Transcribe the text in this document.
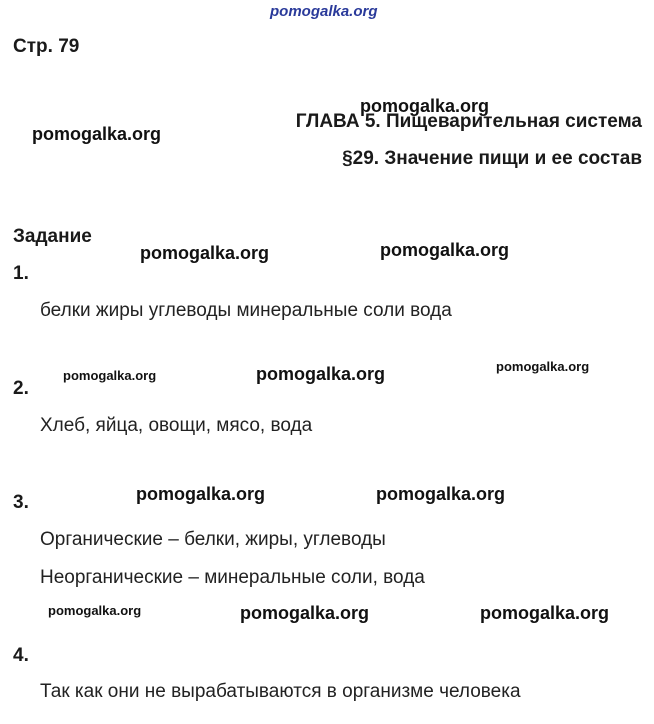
Стр. 79
ГЛАВА 5. Пищеварительная система
§29. Значение пищи и ее состав
Задание
1.
белки жиры углеводы минеральные соли вода
2.
Хлеб, яйца, овощи, мясо, вода
3.
Органические – белки, жиры, углеводы
Неорганические – минеральные соли, вода
4.
Так как они не вырабатываются в организме человека
pomogalka.org
pomogalka.org
pomogalka.org
pomogalka.org	pomogalka.org
pomogalka.org	pomogalka.org	pomogalka.org
pomogalka.org	pomogalka.org
pomogalka.org	pomogalka.org	pomogalka.org
